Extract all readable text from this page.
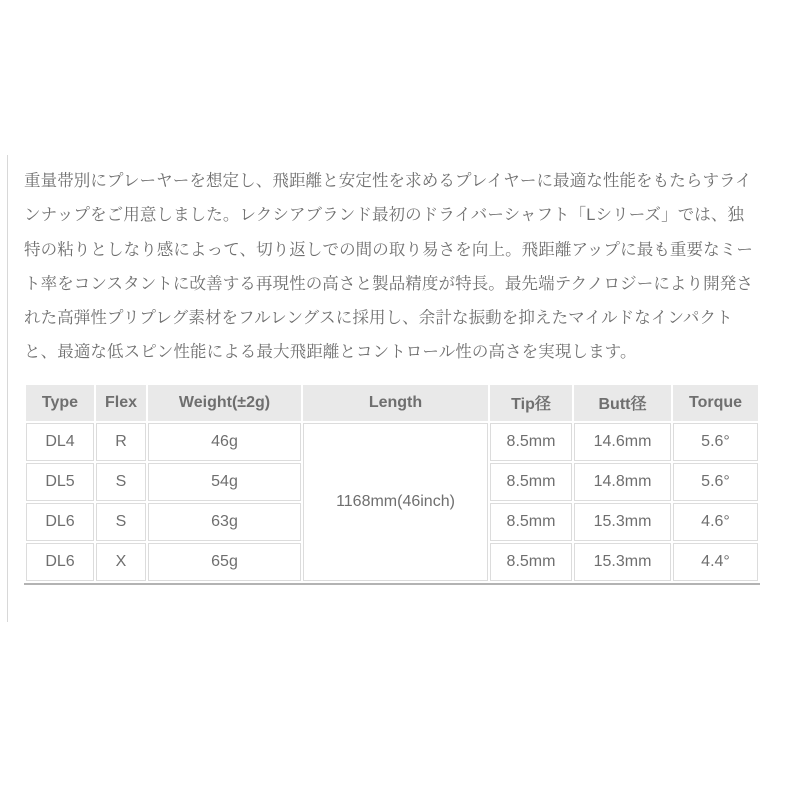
重量帯別にプレーヤーを想定し、飛距離と安定性を求めるプレイヤーに最適な性能をもたらすラインナップをご用意しました。レクシアブランド最初のドライバーシャフト「Lシリーズ」では、独特の粘りとしなり感によって、切り返しでの間の取り易さを向上。飛距離アップに最も重要なミート率をコンスタントに改善する再現性の高さと製品精度が特長。最先端テクノロジーにより開発された高弾性プリプレグ素材をフルレングスに採用し、余計な振動を抑えたマイルドなインパクトと、最適な低スピン性能による最大飛距離とコントロール性の高さを実現します。

Type	Flex	Weight(±2g)	Length	Tip径	Butt径	Torque
DL4	R	46g	1168mm(46inch)	8.5mm	14.6mm	5.6°
DL5	S	54g		8.5mm	14.8mm	5.6°
DL6	S	63g		8.5mm	15.3mm	4.6°
DL6	X	65g		8.5mm	15.3mm	4.4°
